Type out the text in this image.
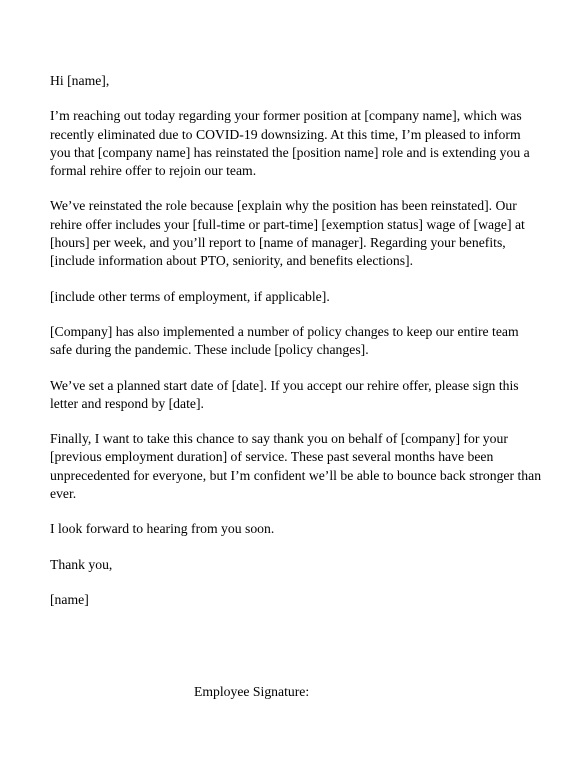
Hi [name],

I’m reaching out today regarding your former position at [company name], which was recently eliminated due to COVID-19 downsizing. At this time, I’m pleased to inform you that [company name] has reinstated the [position name] role and is extending you a formal rehire offer to rejoin our team.

We’ve reinstated the role because [explain why the position has been reinstated]. Our rehire offer includes your [full-time or part-time] [exemption status] wage of [wage] at [hours] per week, and you’ll report to [name of manager]. Regarding your benefits, [include information about PTO, seniority, and benefits elections].

[include other terms of employment, if applicable].

[Company] has also implemented a number of policy changes to keep our entire team safe during the pandemic. These include [policy changes].

We’ve set a planned start date of [date]. If you accept our rehire offer, please sign this letter and respond by [date].

Finally, I want to take this chance to say thank you on behalf of [company] for your [previous employment duration] of service. These past several months have been unprecedented for everyone, but I’m confident we’ll be able to bounce back stronger than ever.

I look forward to hearing from you soon.

Thank you,

[name]

Employee Signature:
